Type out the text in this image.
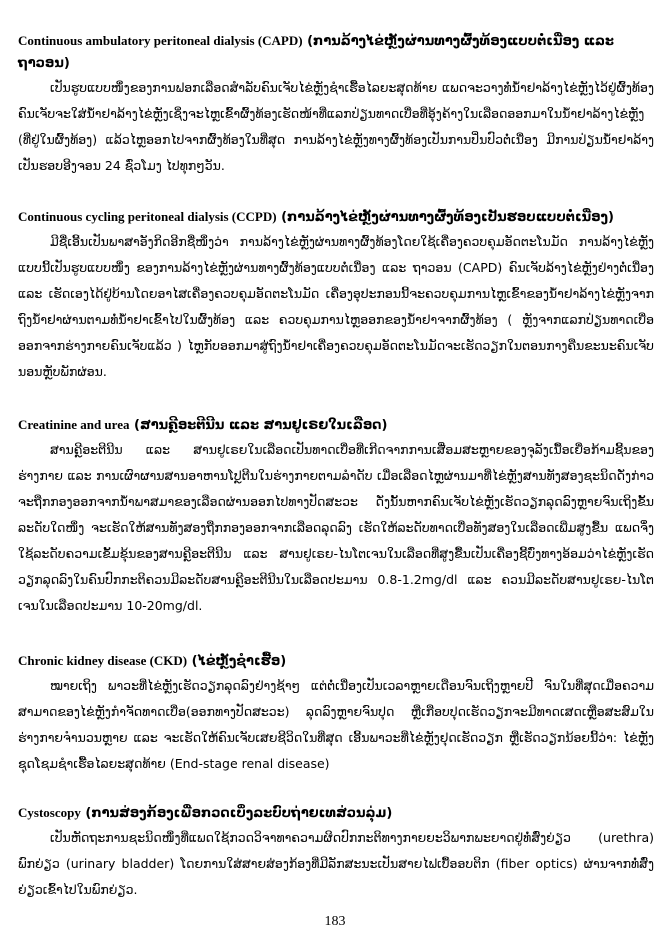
Continuous ambulatory peritoneal dialysis (CAPD) (ການລ້າງໄຂ່ຫຼັງຜ່ານທາງຜົ້ງທ້ອງແບບຕໍ່ເນື່ອງ ແລະ ຖາວອນ)

ເປັນຮູບແບບໜຶ່ງຂອງການຟອກເລືອດສຳລັບຄົນເຈັບໄຂ່ຫຼັງຊຳເຮື້ອໄລຍະສຸດທ້າຍ ແພດຈະວາງທໍ່ນ້ຳຢາລ້າງໄຂ່ຫຼັງໄວ້ຢູ່ຜົ້ງທ້ອງ ຄົນເຈັບຈະໃສ່ນ້ຳຢາລ້າງໄຂ່ຫຼັງເຊິ່ງຈະໄຫຼເຂົ້າຜົ້ງທ້ອງເຮັດໜ້າທີ່ແລກປ່ຽນທາດເບື່ອທີ່ອຸ້ງຄ້າງໃນເລືອດອອກມາໃນນ້ຳຢາລ້າງໄຂ່ຫຼັງ (ທີ່ຢູ່ໃນຜົ້ງທ້ອງ) ແລ້ວໄຫຼອອກໄປຈາກຜົ້ງທ້ອງໃນທີ່ສຸດ ການລ້າງໄຂ່ຫຼັງທາງຜົ້ງທ້ອງເປັນການປິ່ນປົວຕໍ່ເນື່ອງ ມີການປ່ຽນນ້ຳຢາລ້າງເປັນຮອບອີງຈອນ 24 ຊົ່ວໂມງ ໄປທຸກໆວັນ.

Continuous cycling peritoneal dialysis (CCPD) (ການລ້າງໄຂ່ຫຼັງຜ່ານທາງຜົ້ງທ້ອງເປັນຮອບແບບຕໍ່ເນື່ອງ)

ມີຊື່ເອີ້ນເປັນພາສາອັງກິດອີກຊື່ໜຶ່ງວ່າ ການລ້າງໄຂ່ຫຼັງຜ່ານທາງຜົ້ງທ້ອງໂດຍໃຊ້ເຄື່ອງຄວບຄຸມອັດຕະໂນມັດ ການລ້າງໄຂ່ຫຼັງແບບນີ້ເປັນຮູບແບບໜຶ່ງ ຂອງການລ້າງໄຂ່ຫຼັງຜ່ານທາງຜົ້ງທ້ອງແບບຕໍ່ເນື່ອງ ແລະ ຖາວອນ (CAPD) ຄົນເຈັບລ້າງໄຂ່ຫຼັງຢ່າງຕໍ່ເນື່ອງ ແລະ ເຮັດເອງໄດ້ຢູ່ບ້ານໂດຍອາໄສເຄື່ອງຄວບຄຸມອັດຕະໂນມັດ ເຄື່ອງອຸປະກອນນີ້ຈະຄວບຄຸມການໄຫຼເຂົ້າຂອງນ້ຳຢາລ້າງໄຂ່ຫຼັງຈາກຖົງນ້ຳຢາຜ່ານຕາມທໍ່ນ້ຳຢາເຂົ້າໄປໃນຜົ້ງທ້ອງ ແລະ ຄວບຄຸມການໄຫຼອອກຂອງນ້ຳຢາຈາກຜົ້ງທ້ອງ ( ຫຼັງຈາກແລກປ່ຽນທາດເບື່ອອອກຈາກຮ່າງກາຍຄົນເຈັບແລ້ວ ) ໄຫຼກັບອອກມາສູ່ຖົງນ້ຳຢາເຄື່ອງຄວບຄຸມອັດຕະໂນມັດຈະເຮັດວຽກໃນຕອນກາງຄືນຂະນະຄົນເຈັບນອນຫຼັບພັກຜ່ອນ.

Creatinine and urea (ສານຄຼີອະຕີນີນ ແລະ ສານຢູເຣຍໃນເລືອດ)

ສານຄຼີອະຕີນີນ ແລະ ສານຢູເຣຍໃນເລືອດເປັນທາດເບື່ອທີ່ເກີດຈາກການເສື່ອມສະຫຼາຍຂອງຈຸລັງເນື້ອເຍື່ອກ້າມຊີ້ນຂອງຮ່າງກາຍ ແລະ ການເຜົາຜານສານອາຫານໂປຼຕີນໃນຮ່າງກາຍຕາມລຳດັບ ເມື່ອເລືອດໄຫຼຜ່ານມາທີ່ໄຂ່ຫຼັງສານທັງສອງຊະນິດດັ່ງກ່າວຈະຖືກກອງອອກຈາກນ້ຳພາສມາຂອງເລືອດຜ່ານອອກໄປທາງປັດສະວະ ດັ່ງນັ້ນຫາກຄົນເຈັບໄຂ່ຫຼັງເຮັດວຽກລຸດລົງຫຼາຍຈົນເຖິງຂັ້ນລະດັບໃດໜຶ່ງ ຈະເຮັດໃຫ້ສານທັງສອງຖືກກອງອອກຈາກເລືອດລຸດລົງ ເຮັດໃຫ້ລະດັບທາດເບື່ອທັງສອງໃນເລືອດເພີ່ມສູງຂື້ນ ແພດຈຶ່ງໃຊ້ລະດັບຄວາມເຂັ້ມຂຸ້ນຂອງສານຄຼີອະຕີນີນ ແລະ ສານຢູເຣຍ-ໄນໂຕເຈນໃນເລືອດທີ່ສູງຂື້ນເປັນເຄື່ອງຊີ້ບົ່ງທາງອ້ອມວ່າໄຂ່ຫຼັງເຮັດວຽກລຸດລົງໃນຄົນປົກກະຕິຄວນມີລະດັບສານຄຼີອະຕີນີນໃນເລືອດປະມານ 0.8-1.2mg/dl ແລະ ຄວນມີລະດັບສານຢູເຣຍ-ໄນໂຕເຈນໃນເລືອດປະມານ 10-20mg/dl.

Chronic kidney disease (CKD) (ໄຂ່ຫຼັງຊຳເຮື້ອ)

ໝາຍເຖິງ ພາວະທີ່ໄຂ່ຫຼັງເຮັດວຽກລຸດລົງຢ່າງຊ້າໆ ແຕ່ຕໍ່ເນື່ອງເປັນເວລາຫຼາຍເດືອນຈົນເຖິງຫຼາຍປີ ຈົນໃນທີ່ສຸດເມື່ອຄວາມສາມາດຂອງໄຂ່ຫຼັງກຳຈັດທາດເບື່ອ(ອອກທາງປັດສະວະ) ລຸດລົງຫຼາຍຈົນປຸດ ຫຼືເກືອບປຸດເຮັດວຽກຈະມີທາດເສດເຫຼືອສະສົມໃນຮ່າງກາຍຈຳນວນຫຼາຍ ແລະ ຈະເຮັດໃຫ້ຄົນເຈັບເສຍຊີວິດໃນທີ່ສຸດ ເອີ້ນພາວະທີ່ໄຂ່ຫຼັງຢຸດເຮັດວຽກ ຫຼືເຮັດວຽກນ້ອຍນີ້ວ່າ: ໄຂ່ຫຼັງຊຸດໂຊມຊຳເຮື້ອໄລຍະສຸດທ້າຍ (End-stage renal disease)

Cystoscopy (ການສ່ອງກ້ອງເພື່ອກວດເບິ່ງລະບົບຖ່າຍເທສ່ວນລຸ່ມ)

ເປັນຫັດຖະການຊະນິດໜຶ່ງທີ່ແພດໃຊ້ກວດວິຈາທາຄວາມຜິດປົກກະຕິທາງກາຍຍະວິພາກພະຍາດຢູ່ທໍ່ສົ່ງຍ່ຽວ (urethra) ພົກຍ່ຽວ (urinary bladder) ໂດຍການໃສ່ສາຍສ່ອງກ້ອງທີ່ມີລັກສະນະເປັນສາຍໄຟເບື້ອອບຕິກ (fiber optics) ຜ່ານຈາກທໍ່ສົ່ງຍ່ຽວເຂົ້າໄປໃນພົກຍ່ຽວ.

183
